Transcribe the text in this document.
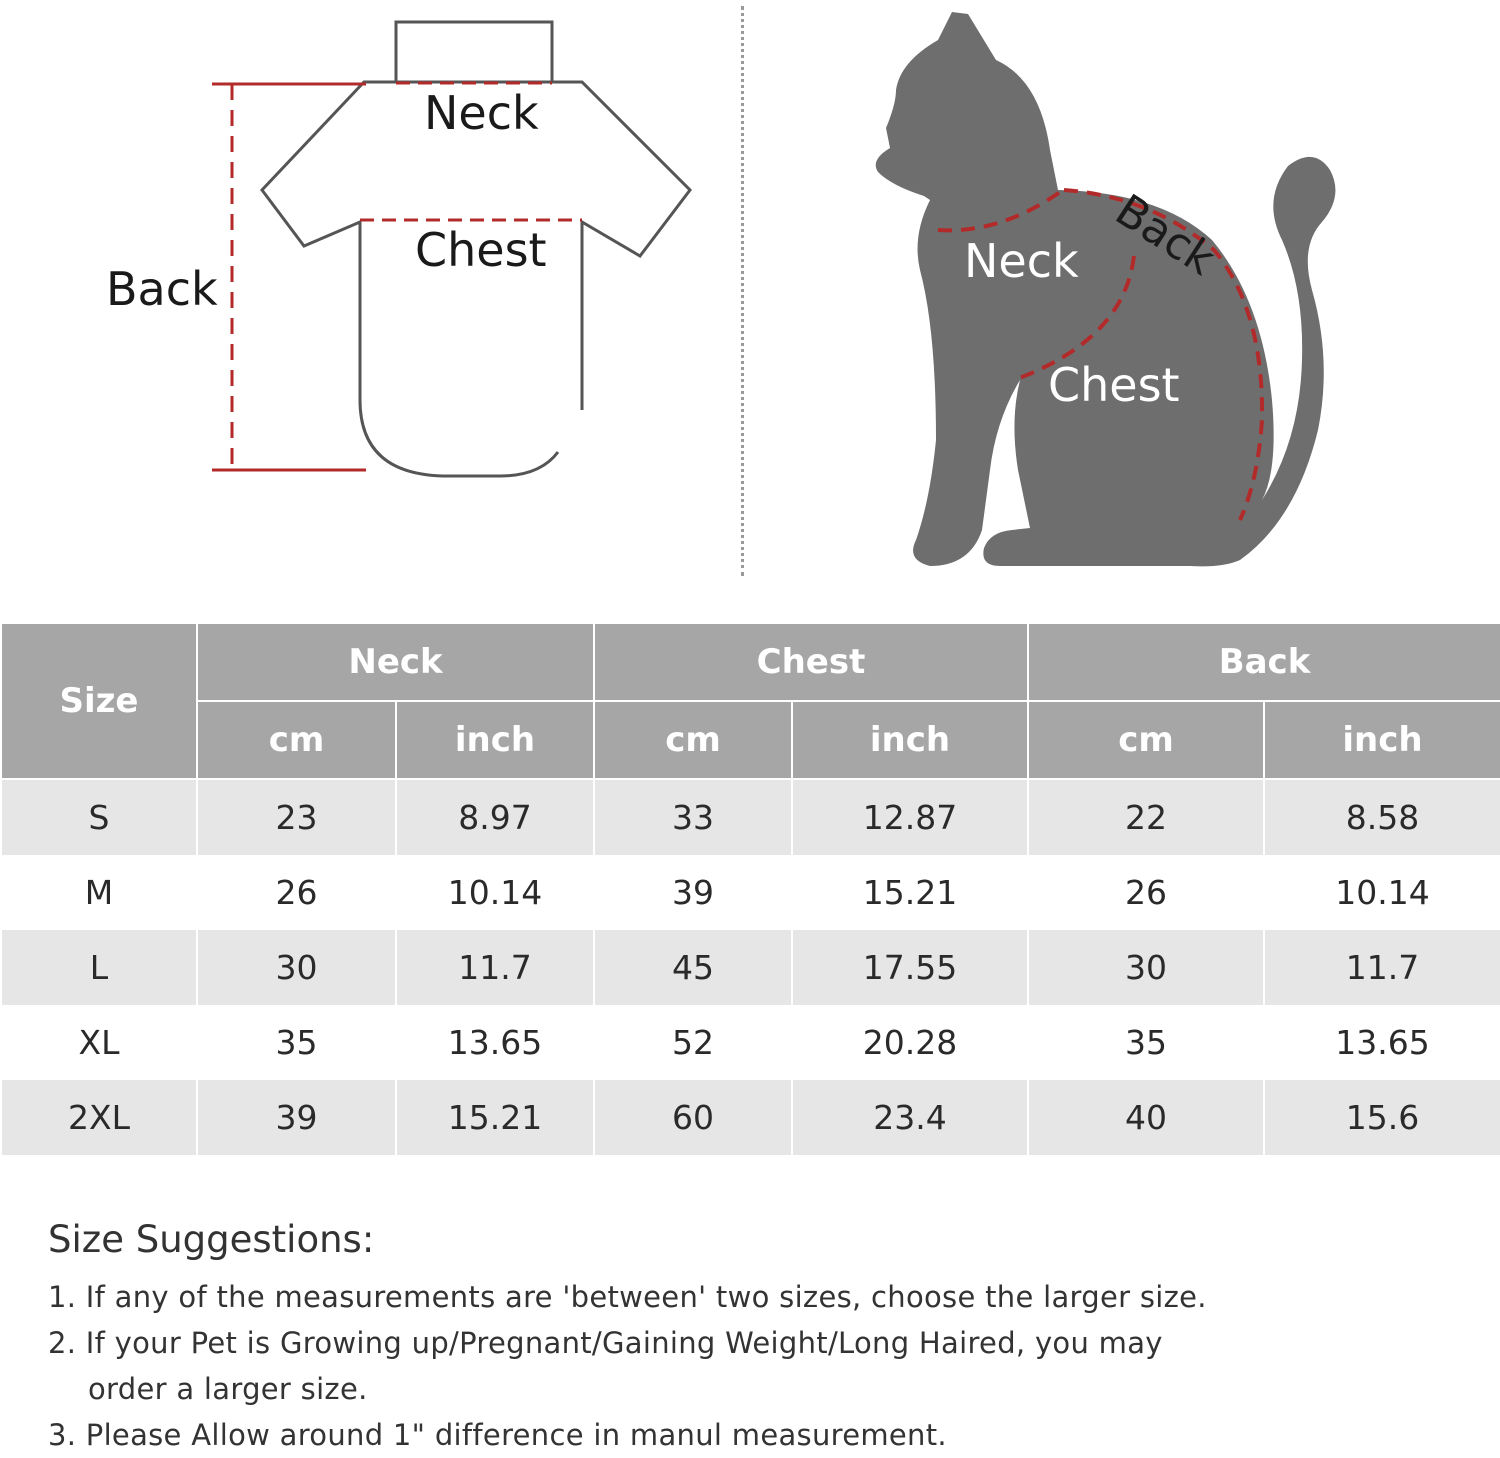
Neck
Chest
Back
Neck
Chest
Back
Size	Neck		Chest		Back	
	cm	inch	cm	inch	cm	inch
S	23	8.97	33	12.87	22	8.58
M	26	10.14	39	15.21	26	10.14
L	30	11.7	45	17.55	30	11.7
XL	35	13.65	52	20.28	35	13.65
2XL	39	15.21	60	23.4	40	15.6

Size Suggestions:

1. If any of the measurements are 'between' two sizes, choose the larger size.

2. If your Pet is Growing up/Pregnant/Gaining Weight/Long Haired, you may

order a larger size.

3. Please Allow around 1" difference in manul measurement.
